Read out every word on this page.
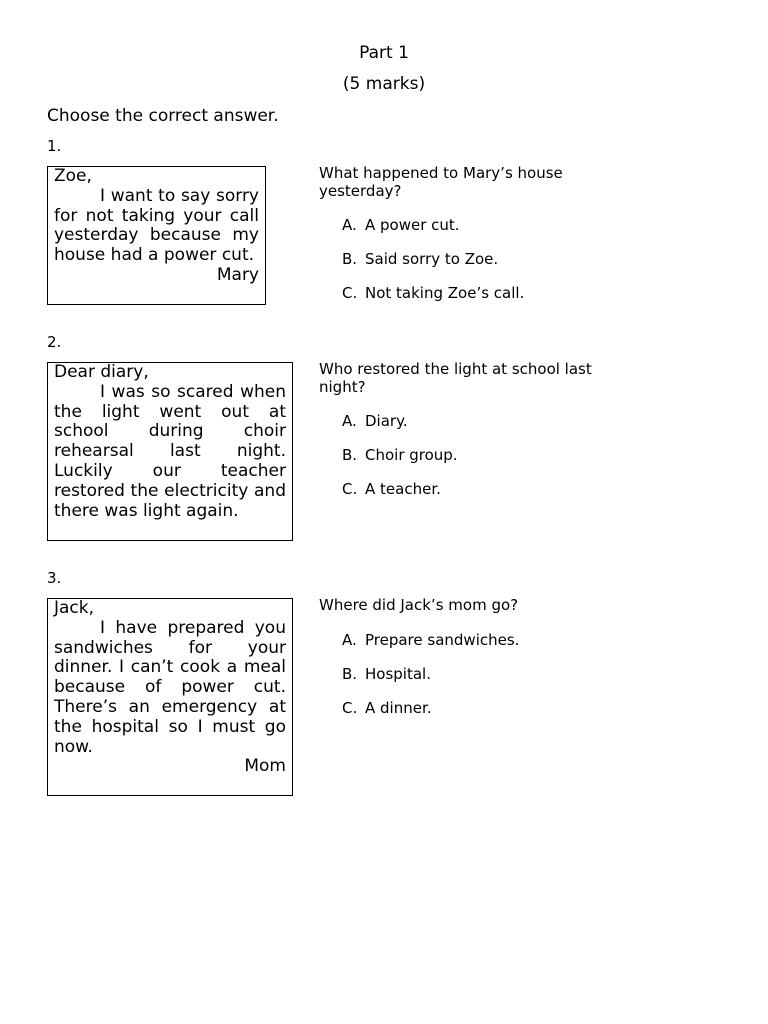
Part 1
(5 marks)
Choose the correct answer.
1.
Zoe,
I want to say sorry for not taking your call yesterday because my house had a power cut.
Mary
What happened to Mary’s house yesterday?
A. A power cut.
B. Said sorry to Zoe.
C. Not taking Zoe’s call.
2.
Dear diary,
I was so scared when the light went out at school during choir rehearsal last night. Luckily our teacher restored the electricity and there was light again.
Who restored the light at school last night?
A. Diary.
B. Choir group.
C. A teacher.
3.
Jack,
I have prepared you sandwiches for your dinner. I can’t cook a meal because of power cut. There’s an emergency at the hospital so I must go now.
Mom
Where did Jack’s mom go?
A. Prepare sandwiches.
B. Hospital.
C. A dinner.
